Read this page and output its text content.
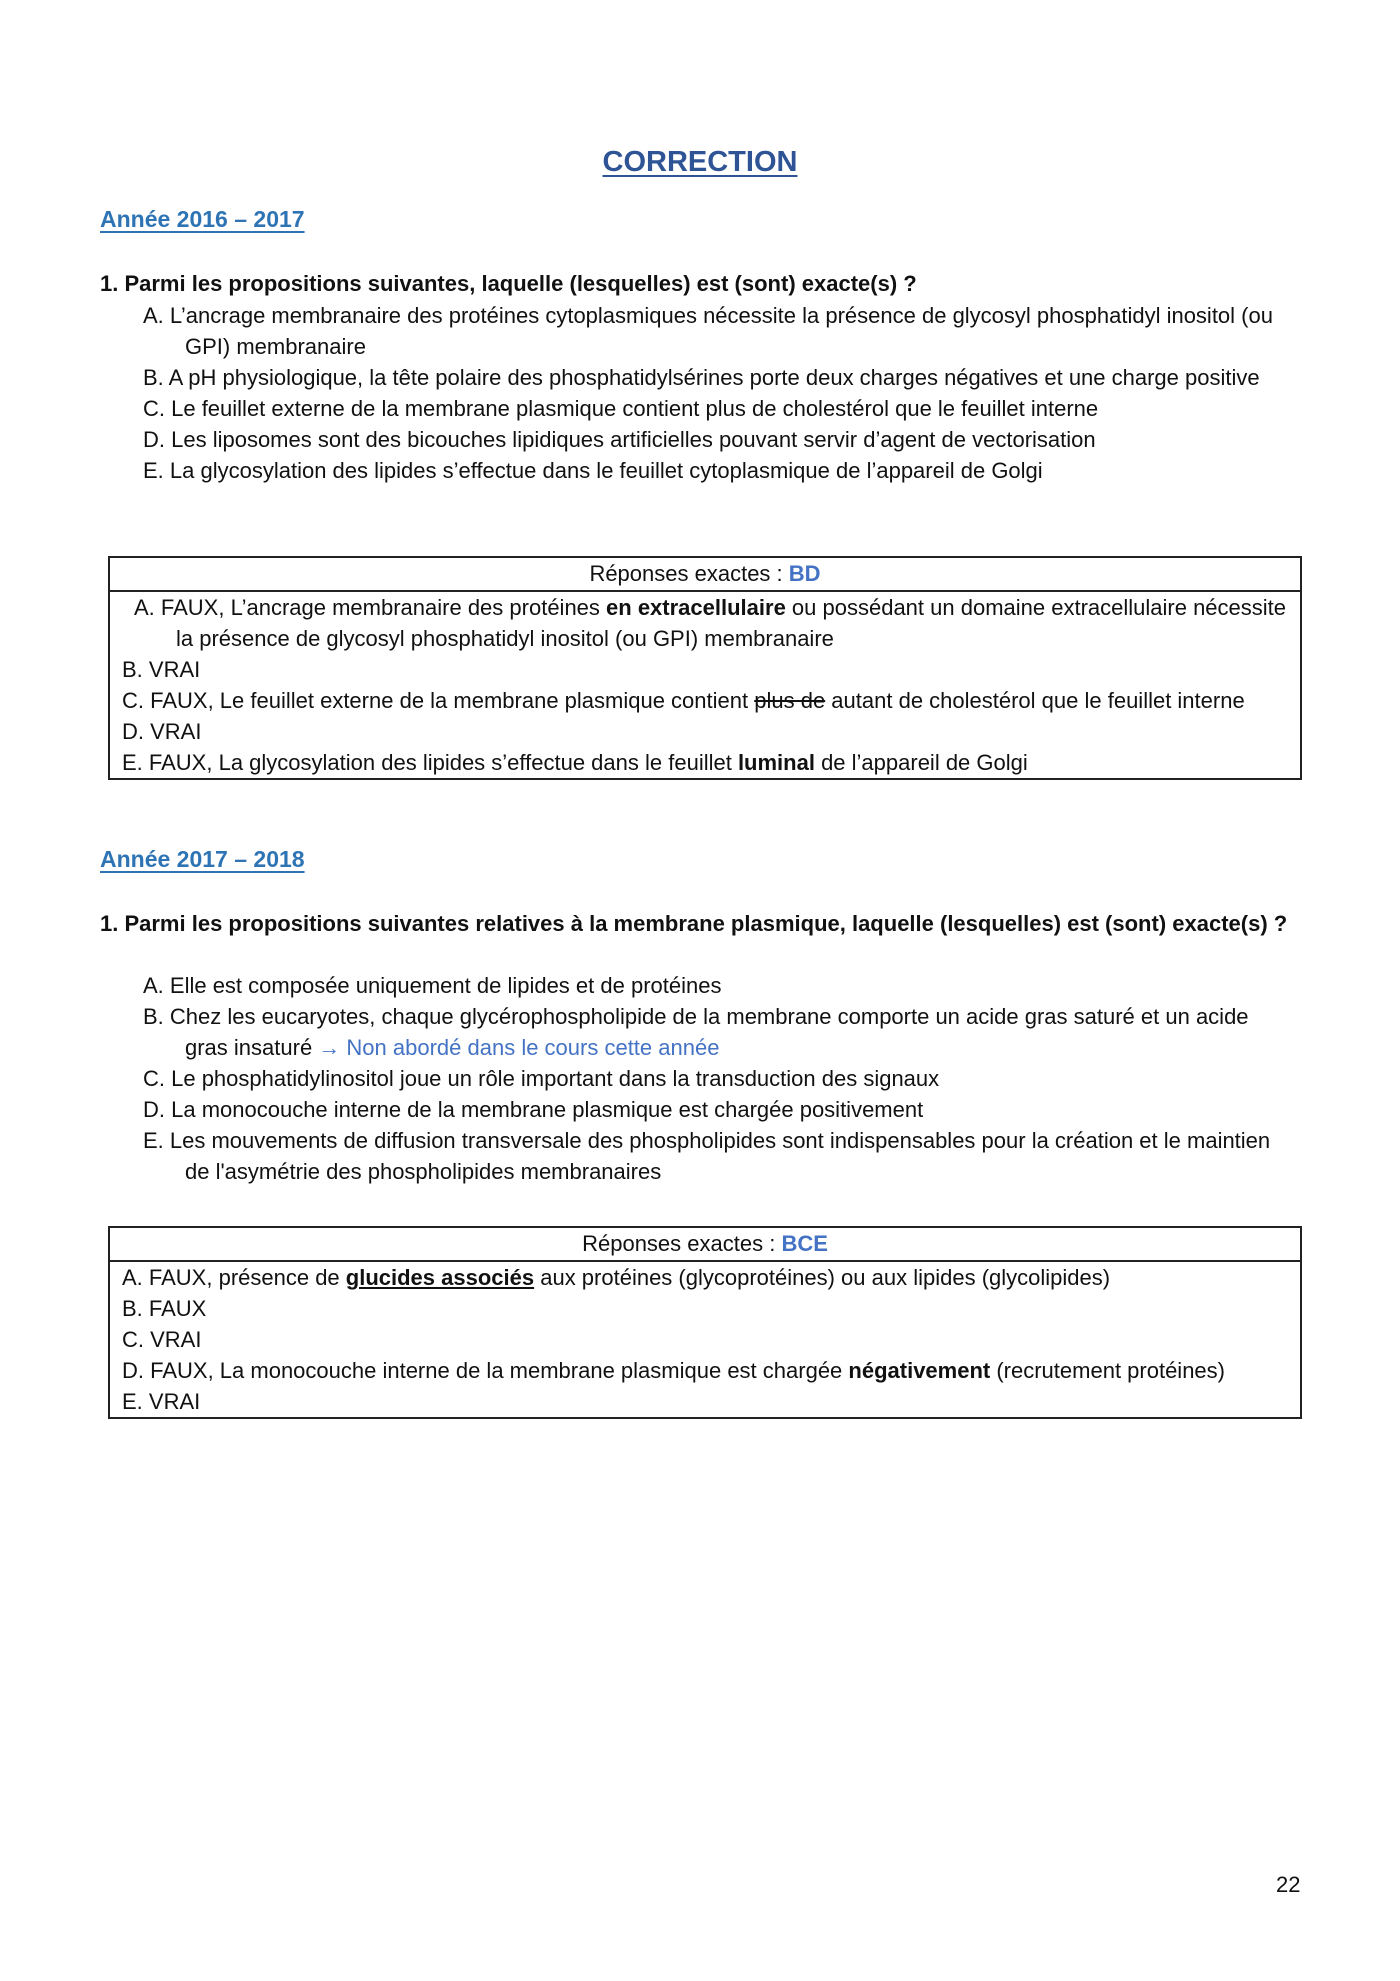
CORRECTION
Année 2016 – 2017
1. Parmi les propositions suivantes, laquelle (lesquelles) est (sont) exacte(s) ?

A. L’ancrage membranaire des protéines cytoplasmiques nécessite la présence de glycosyl phosphatidyl inositol (ou GPI) membranaire

B. A pH physiologique, la tête polaire des phosphatidylsérines porte deux charges négatives et une charge positive

C. Le feuillet externe de la membrane plasmique contient plus de cholestérol que le feuillet interne

D. Les liposomes sont des bicouches lipidiques artificielles pouvant servir d’agent de vectorisation

E. La glycosylation des lipides s’effectue dans le feuillet cytoplasmique de l’appareil de Golgi

Réponses exactes : BD

A. FAUX, L’ancrage membranaire des protéines en extracellulaire ou possédant un domaine extracellulaire nécessite la présence de glycosyl phosphatidyl inositol (ou GPI) membranaire

B. VRAI

C. FAUX, Le feuillet externe de la membrane plasmique contient plus de autant de cholestérol que le feuillet interne

D. VRAI

E. FAUX, La glycosylation des lipides s’effectue dans le feuillet luminal de l’appareil de Golgi

Année 2017 – 2018
1. Parmi les propositions suivantes relatives à la membrane plasmique, laquelle (lesquelles) est (sont) exacte(s) ?

A. Elle est composée uniquement de lipides et de protéines

B. Chez les eucaryotes, chaque glycérophospholipide de la membrane comporte un acide gras saturé et un acide gras insaturé → Non abordé dans le cours cette année

C. Le phosphatidylinositol joue un rôle important dans la transduction des signaux

D. La monocouche interne de la membrane plasmique est chargée positivement

E. Les mouvements de diffusion transversale des phospholipides sont indispensables pour la création et le maintien de l'asymétrie des phospholipides membranaires

Réponses exactes : BCE

A. FAUX, présence de glucides associés aux protéines (glycoprotéines) ou aux lipides (glycolipides)

B. FAUX

C. VRAI

D. FAUX, La monocouche interne de la membrane plasmique est chargée négativement (recrutement protéines)

E. VRAI

22
